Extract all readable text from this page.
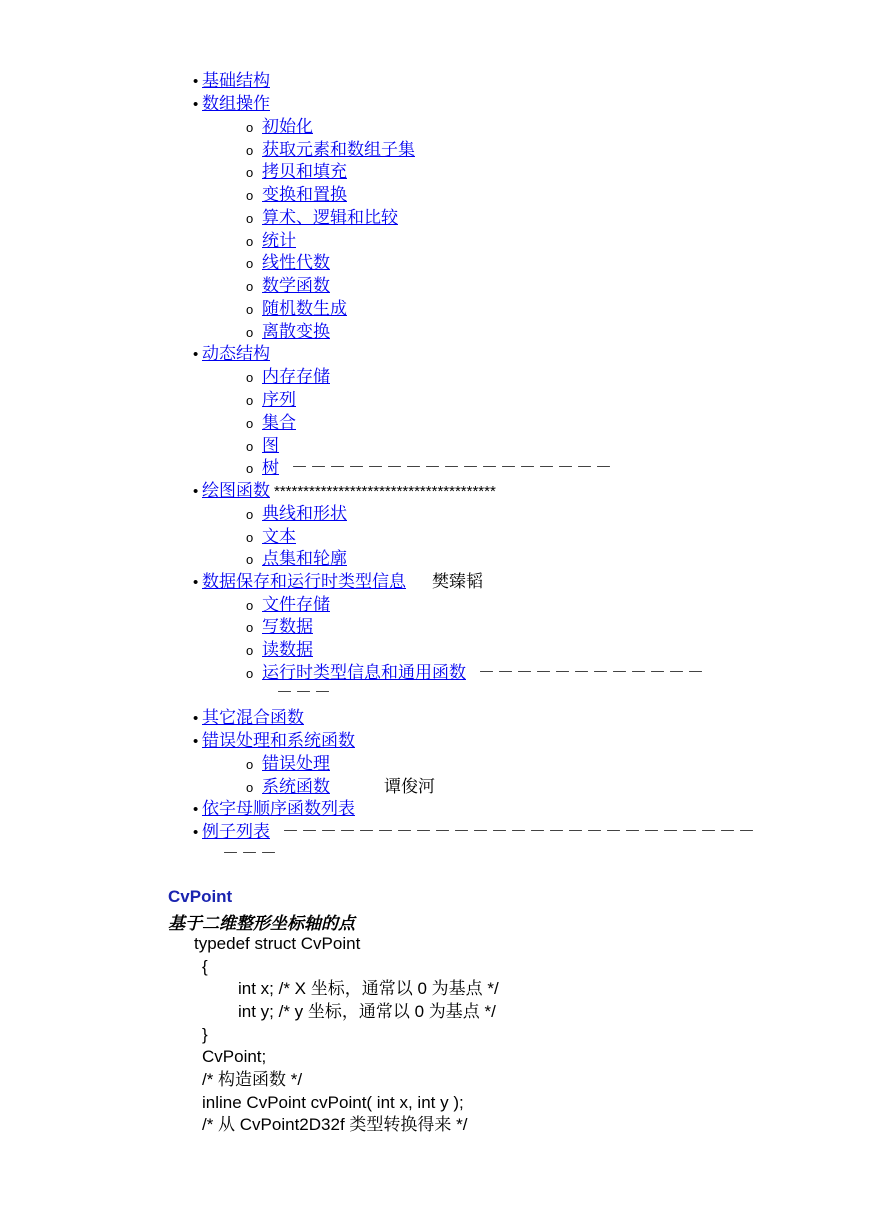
• 基础结构
• 数组操作
o 初始化
o 获取元素和数组子集
o 拷贝和填充
o 变换和置换
o 算术、逻辑和比较
o 统计
o 线性代数
o 数学函数
o 随机数生成
o 离散变换
• 动态结构
o 内存存储
o 序列
o 集合
o 图
o 树 －－－－－－－－－－－－－－－－－
• 绘图函数 **************************************
o 典线和形状
o 文本
o 点集和轮廓
• 数据保存和运行时类型信息 樊臻韬
o 文件存储
o 写数据
o 读数据
o 运行时类型信息和通用函数 －－－－－－－－－－－－
－－－
• 其它混合函数
• 错误处理和系统函数
o 错误处理
o 系统函数	谭俊河
• 依字母顺序函数列表
• 例子列表 －－－－－－－－－－－－－－－－－－－－－－－－－
－－－
CvPoint
基于二维整形坐标轴的点
typedef struct CvPoint
{
int x; /* X 坐标，通常以 0 为基点 */
int y; /* y 坐标，通常以 0 为基点 */
}
CvPoint;
/* 构造函数 */
inline CvPoint cvPoint( int x, int y );
/* 从 CvPoint2D32f 类型转换得来 */
